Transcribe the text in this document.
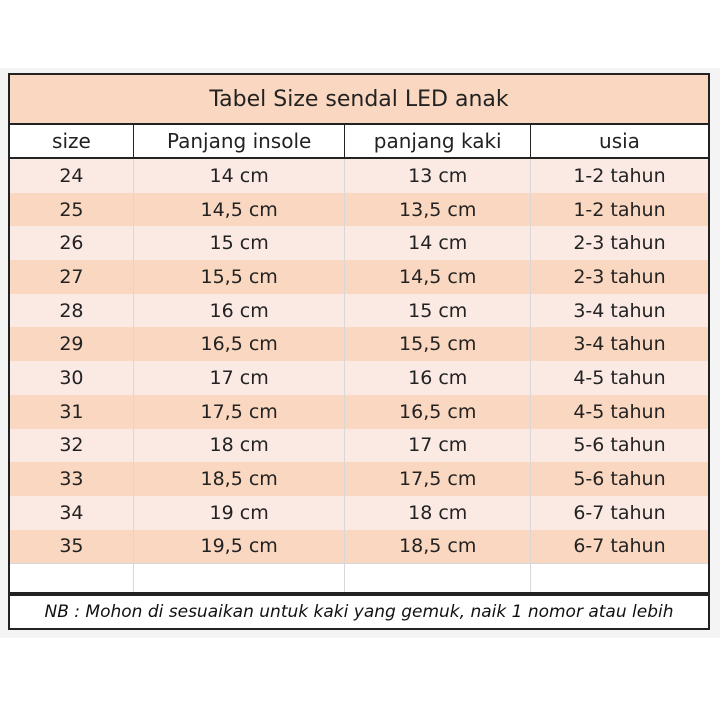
Tabel Size sendal LED anak			
size	Panjang insole	panjang kaki	usia
24	14 cm	13 cm	1-2 tahun
25	14,5 cm	13,5 cm	1-2 tahun
26	15 cm	14 cm	2-3 tahun
27	15,5 cm	14,5 cm	2-3 tahun
28	16 cm	15 cm	3-4 tahun
29	16,5 cm	15,5 cm	3-4 tahun
30	17 cm	16 cm	4-5 tahun
31	17,5 cm	16,5 cm	4-5 tahun
32	18 cm	17 cm	5-6 tahun
33	18,5 cm	17,5 cm	5-6 tahun
34	19 cm	18 cm	6-7 tahun
35	19,5 cm	18,5 cm	6-7 tahun

NB : Mohon di sesuaikan untuk kaki yang gemuk, naik 1 nomor atau lebih
